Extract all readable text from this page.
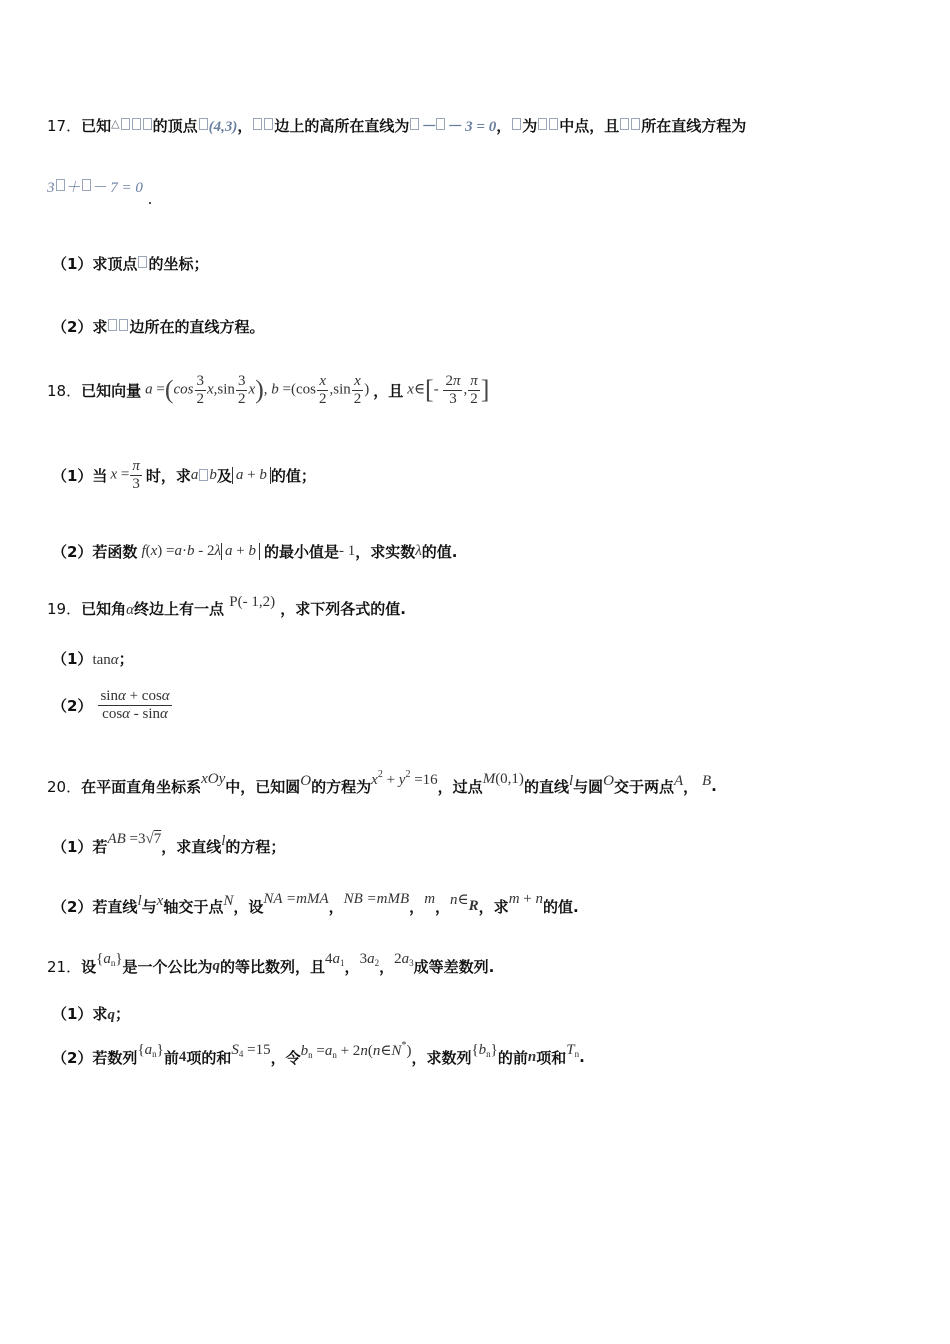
17．已知△ 的顶点 (4,3)， 边上的高所在直线为 － － 3 = 0， 为 中点，且 所在直线方程为
3 ＋ － 7 = 0 .
（1）求顶点 的坐标；
（2）求 边所在的直线方程。
18． 已知向量 $a =(\cos \frac{3}{2} x,\sin \frac{3}{2} x)$, $b =(\cos \frac{x}{2} ,\sin \frac{x}{2}$ ) ，且 x∈[- $\frac{2\pi}{3}$ , $\frac{\pi}{2}$ ]
（1）当 $x = \frac{\pi}{3}$ 时，求 a b 及 a + b 的值；
（2）若函数 f(x) =a·b - 2λ a + b 的最小值是 - 1 ，求实数 λ 的值.
19．已知角α终边上有一点 P(- 1,2) ，求下列各式的值.
（1）tanα；
$(2) \frac{\sin\alpha + \cos\alpha}{\cos\alpha - \sin\alpha}$
20． 在平面直角坐标系 xOy 中，已知圆 O 的方程为 $x^2 + y^2 =16$ ，过点 M(0,1) 的直线 l 与圆 O 交于两点 A ， B .
（1）若 AB =3√7 ，求直线 l 的方程；
（2）若直线 l 与 x 轴交于点 N ，设 NA =mMA ， NB =mMB ， m ， n∈ R ，求 m + n 的值.
21． 设 $\{a_n\}$ 是一个公比为 q 的等比数列，且 $4a_1$ ， $3a_2$ ， $2a_3$ 成等差数列.
（1）求q；
（2）若数列 $\{a_n\}$ 前 4 项的和 $S_4 =15$ ，令 $b_n =a_n$ + 2n(n∈N*) ，求数列 $\{b_n\}$ 的前 n 项和 $T_n$ .
